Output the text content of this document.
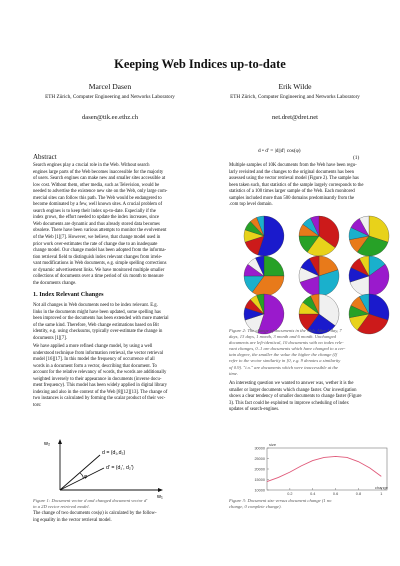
Keeping Web Indices up-to-date
Marcel Dasen
ETH Zürich, Computer Engineering and Networks Laboratory
dasen@tik.ee.ethz.ch
Erik Wilde
ETH Zürich, Computer Engineering and Networks Laboratory
net.dret@dret.net
Abstract
Search engines play a crucial role in the Web. Without search
engines large parts of the Web becomes inaccessible for the majority
of users. Search engines can make new and smaller sites accessible at
low cost. Without them, other media, such as Television, would be
needed to advertise the existence new site on the Web, only large com-
mercial sites can follow this path. The Web would be endangered to
become dominated by a few, well known sites. A crucial problem of
search engines is to keep their index up-to-date. Especially if the
index grows, the effort needed to update the index increases, since
Web documents are dynamic and thus already stored data becomes
obsolete. There have been various attempts to monitor the evolvement
of the Web [1][7]. However, we believe, that change model used in
prior work over-estimates the rate of change due to an inadequate
change model. Our change model has been adopted from the informa-
tion retrieval field to distinguish index relevant changes from irrele-
vant modifications in Web documents, e.g. simple spelling corrections
or dynamic advertisement links. We have monitored multiple smaller
collections of documents over a time period of six month to measure
the documents change.
1. Index Relevant Changes
Not all changes in Web documents need to be index relevant. E.g.
links in the documents might have been updated, some spelling has
been improved or the documents has been extended with more material
of the same kind. Therefore, Web change estimations based on Bit
identity, e.g. using checksums, typically over-estimate the change in
documents [1][7].
We have applied a more refined change model, by using a well
understood technique from information retrieval, the vector retrieval
model [16][17]. In this model the frequency of occurrence of all
words in a document form a vector, describing that document. To
account for the relative relevancy of words, the words are additionally
weighted inversely to their appearance in documents (inverse docu-
ment frequency). This model has been widely applied in digital library
indexing and also in the context of the Web [8][12][13]. The change of
two instances is calculated by forming the scalar product of their vec-
tors:
w₂
w₁
d = (d₁,d₂)
d' = (d₁', d₂')
φ
Figure 1: Document vector d and changed document vector d'
in a 2D vector retrieval model.
The change of two documents cos(φ) is calculated by the follow-
ing equality in the vector retrieval model.
d • d' = |d||d'| cos(φ)
(1)
Multiple samples of 10K documents from the Web have been regu-
larly revisited and the changes to the original documents has been
assessed using the vector retrieval model (Figure 2). The sample has
been taken such, that statistics of the sample largely corresponds to the
statistics of a 100 times larger sample of the Web. Each monitored
samples included more than 500 domains predominantly from the
.com top level domain.
Figure 2: The change of documents in the Web. After 1 day, 7
days, 13 days, 1 month, 3 month and 6 month. Unchanged
documents are left-identical, 10 documents with no index rele-
vant changes, 0..1 are documents which have changed to a cer-
tain degree, the smaller the value the higher the change (If
refer to the vector similarity in [0, e.g. 9 denotes a similarity
of 0.9). "i.o." are documents which were inaccessible at the
time.
An interesting question we wanted to answer was, wether it is the
smaller or larger documents which change faster. Our investigation
shows a clear tendency of smaller documents to change faster (Figure
3). This fact could be exploited to improve scheduling of index
updates of search-engines.
10000
15000
20000
25000
30000
0.2	0.4	0.6	0.8	1
size
change
Figure 3: Document size versus document change (1 no
change, 0 complete change).
